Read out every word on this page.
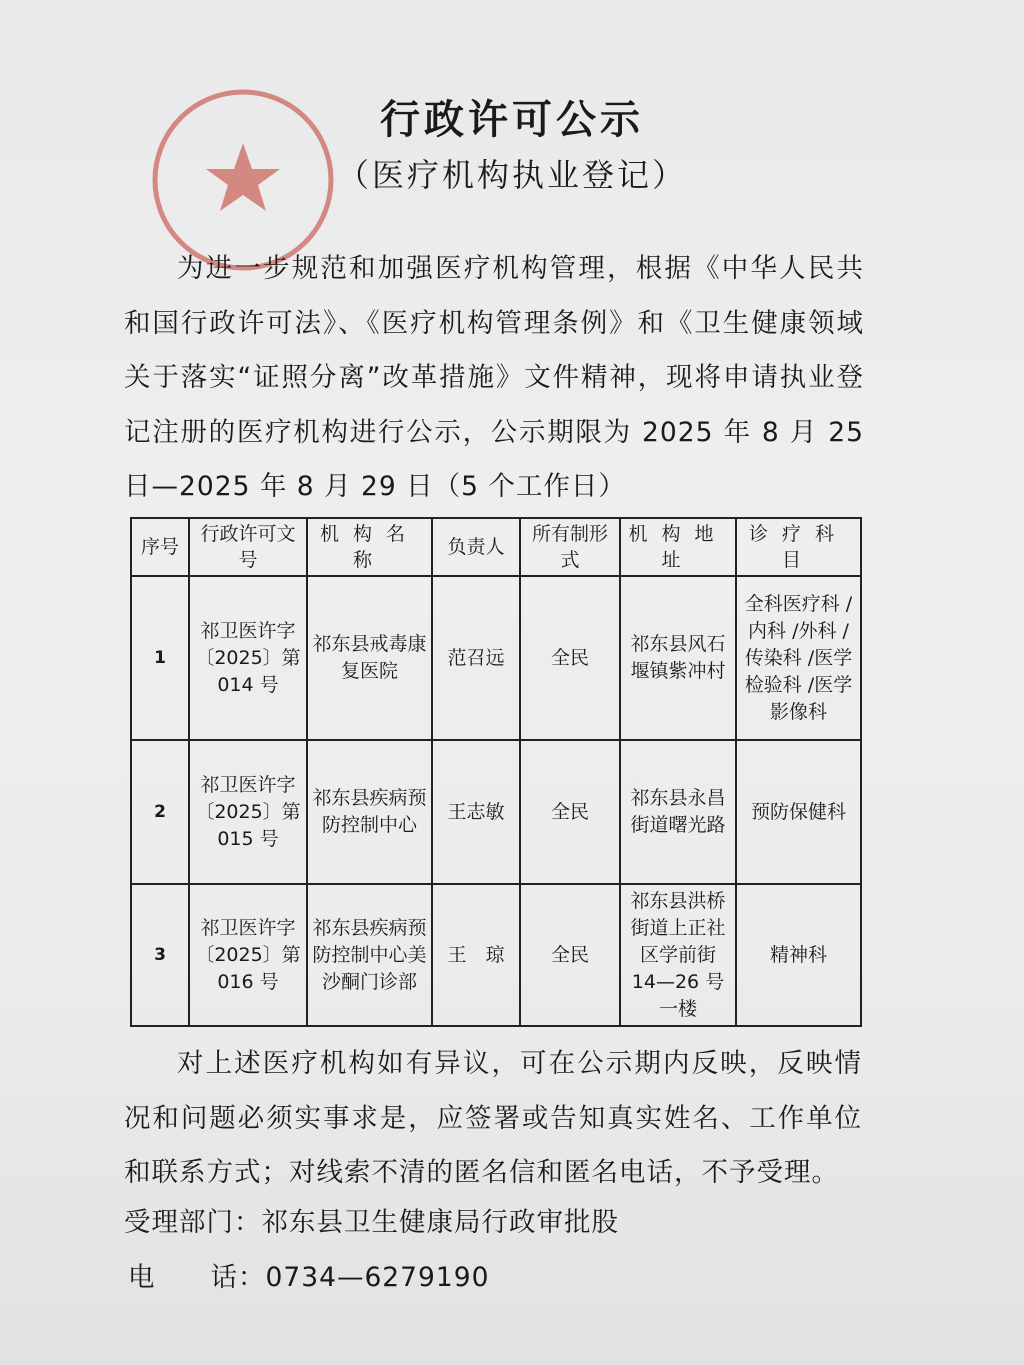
行政许可公示
（医疗机构执业登记）
为进一步规范和加强医疗机构管理，根据《中华人民共和国行政许可法》、《医疗机构管理条例》和《卫生健康领域关于落实“证照分离”改革措施》文件精神，现将申请执业登记注册的医疗机构进行公示，公示期限为 2025 年 8 月 25 日—2025 年 8 月 29 日（5 个工作日）
序号	行政许可文号	机构名称	负责人	所有制形式	机构地址	诊疗科目
1	祁卫医许字〔2025〕第 014 号	祁东县戒毒康复医院	范召远	全民	祁东县风石堰镇紫冲村	全科医疗科 /内科 /外科 /传染科 /医学检验科 /医学影像科
2	祁卫医许字〔2025〕第 015 号	祁东县疾病预防控制中心	王志敏	全民	祁东县永昌街道曙光路	预防保健科
3	祁卫医许字〔2025〕第 016 号	祁东县疾病预防控制中心美沙酮门诊部	王　琼	全民	祁东县洪桥街道上正社区学前街 14—26 号一楼	精神科
对上述医疗机构如有异议，可在公示期内反映，反映情况和问题必须实事求是，应签署或告知真实姓名、工作单位和联系方式；对线索不清的匿名信和匿名电话，不予受理。
受理部门：祁东县卫生健康局行政审批股
电　　话：0734—6279190
